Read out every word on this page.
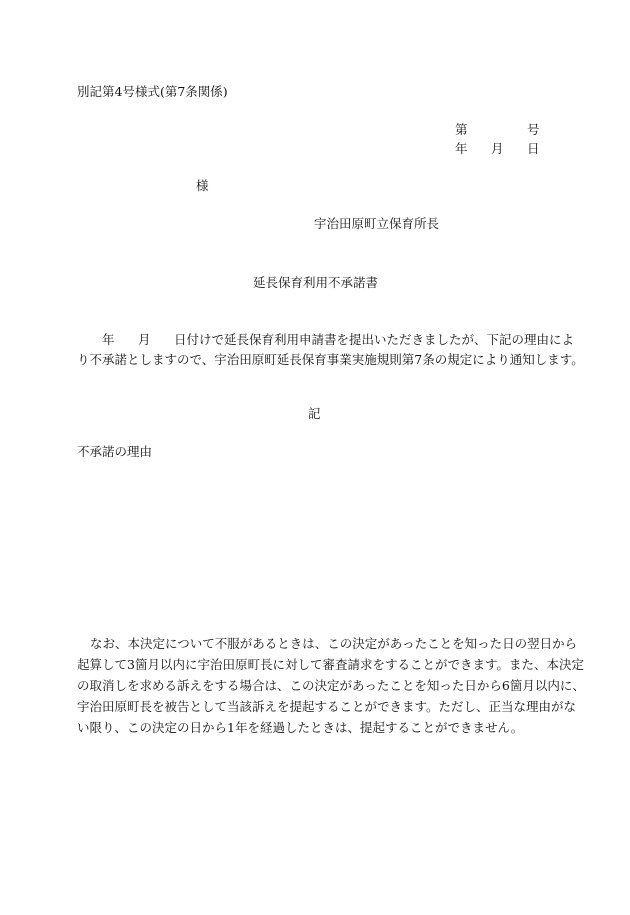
別記第4号様式(第7条関係)
第	号
年 月 日
様
宇治田原町立保育所長
延長保育利用不承諾書
年 月 日付けで延長保育利用申請書を提出いただきましたが、下記の理由によ
り不承諾としますので、宇治田原町延長保育事業実施規則第7条の規定により通知します。
記
不承諾の理由
なお、本決定について不服があるときは、この決定があったことを知った日の翌日から
起算して3箇月以内に宇治田原町長に対して審査請求をすることができます。また、本決定
の取消しを求める訴えをする場合は、この決定があったことを知った日から6箇月以内に、
宇治田原町長を被告として当該訴えを提起することができます。ただし、正当な理由がな
い限り、この決定の日から1年を経過したときは、提起することができません。
